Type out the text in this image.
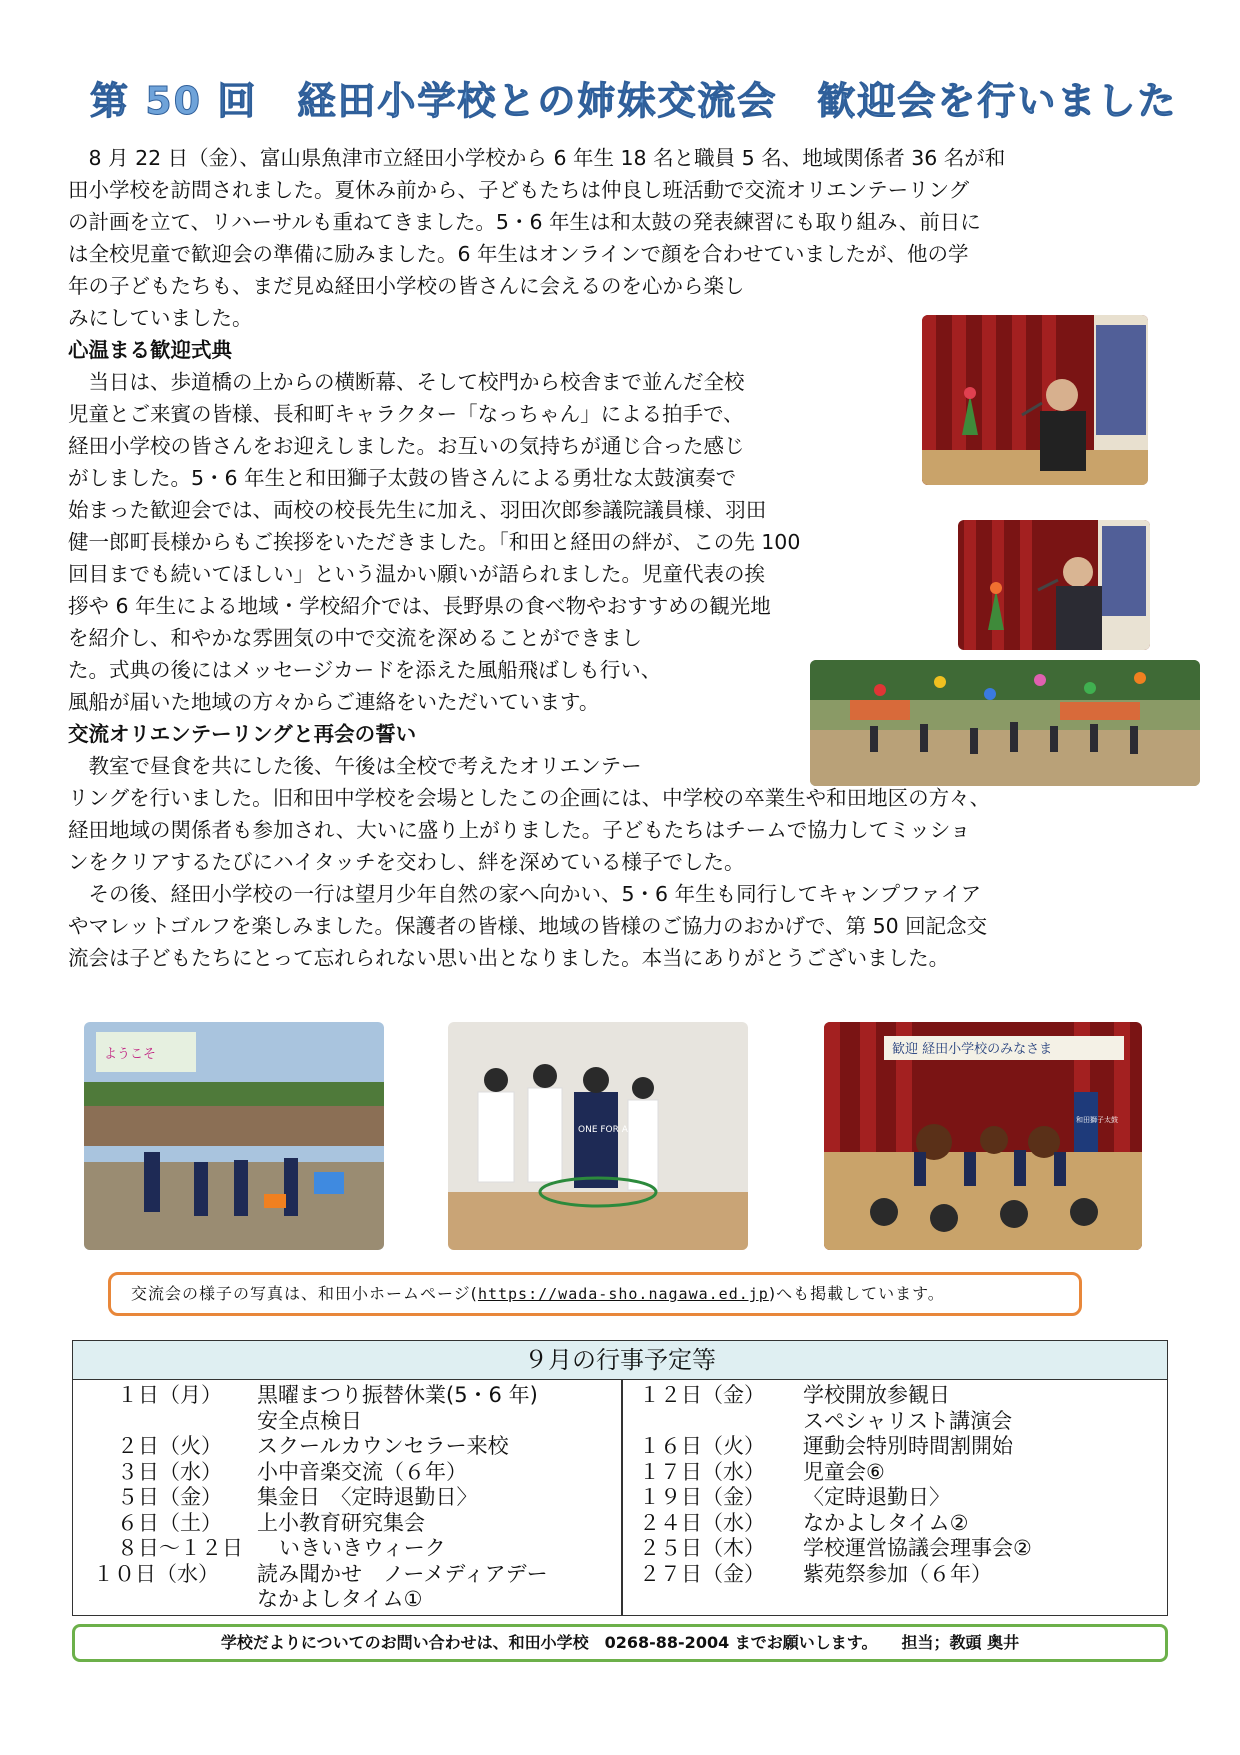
第 50 回　経田小学校との姉妹交流会　歓迎会を行いました
　8 月 22 日（金）、富山県魚津市立経田小学校から 6 年生 18 名と職員 5 名、地域関係者 36 名が和
田小学校を訪問されました。夏休み前から、子どもたちは仲良し班活動で交流オリエンテーリング
の計画を立て、リハーサルも重ねてきました。5・6 年生は和太鼓の発表練習にも取り組み、前日に
は全校児童で歓迎会の準備に励みました。6 年生はオンラインで顔を合わせていましたが、他の学
年の子どもたちも、まだ見ぬ経田小学校の皆さんに会えるのを心から楽し
みにしていました。
心温まる歓迎式典
　当日は、歩道橋の上からの横断幕、そして校門から校舎まで並んだ全校
児童とご来賓の皆様、長和町キャラクター「なっちゃん」による拍手で、
経田小学校の皆さんをお迎えしました。お互いの気持ちが通じ合った感じ
がしました。5・6 年生と和田獅子太鼓の皆さんによる勇壮な太鼓演奏で
始まった歓迎会では、両校の校長先生に加え、羽田次郎参議院議員様、羽田
健一郎町長様からもご挨拶をいただきました。「和田と経田の絆が、この先 100
回目までも続いてほしい」という温かい願いが語られました。児童代表の挨
拶や 6 年生による地域・学校紹介では、長野県の食べ物やおすすめの観光地
を紹介し、和やかな雰囲気の中で交流を深めることができまし
た。式典の後にはメッセージカードを添えた風船飛ばしも行い、
風船が届いた地域の方々からご連絡をいただいています。
交流オリエンテーリングと再会の誓い
　教室で昼食を共にした後、午後は全校で考えたオリエンテー
リングを行いました。旧和田中学校を会場としたこの企画には、中学校の卒業生や和田地区の方々、
経田地域の関係者も参加され、大いに盛り上がりました。子どもたちはチームで協力してミッショ
ンをクリアするたびにハイタッチを交わし、絆を深めている様子でした。
　その後、経田小学校の一行は望月少年自然の家へ向かい、5・6 年生も同行してキャンプファイア
やマレットゴルフを楽しみました。保護者の皆様、地域の皆様のご協力のおかげで、第 50 回記念交
流会は子どもたちにとって忘れられない思い出となりました。本当にありがとうございました。
ようこそ
ONE FOR ALL
歓迎 経田小学校のみなさま
和田獅子太鼓
交流会の様子の写真は、和田小ホームページ(https://wada-sho.nagawa.ed.jp)へも掲載しています。
９月の行事予定等
１日（月） 黒曜まつり振替休業(5・6 年)
安全点検日
２日（火） スクールカウンセラー来校
３日（水） 小中音楽交流（６年）
５日（金） 集金日　〈定時退勤日〉
６日（土） 上小教育研究集会
８日～１２日 いきいきウィーク
１０日（水） 読み聞かせ　ノーメディアデー
なかよしタイム①
１２日（金） 学校開放参観日
スペシャリスト講演会
１６日（火） 運動会特別時間割開始
１７日（水） 児童会⑥
１９日（金） 〈定時退勤日〉
２４日（水） なかよしタイム②
２５日（木） 学校運営協議会理事会②
２７日（金） 紫苑祭参加（６年）
学校だよりについてのお問い合わせは、和田小学校　0268-88-2004 までお願いします。　　担当；教頭 奥井
